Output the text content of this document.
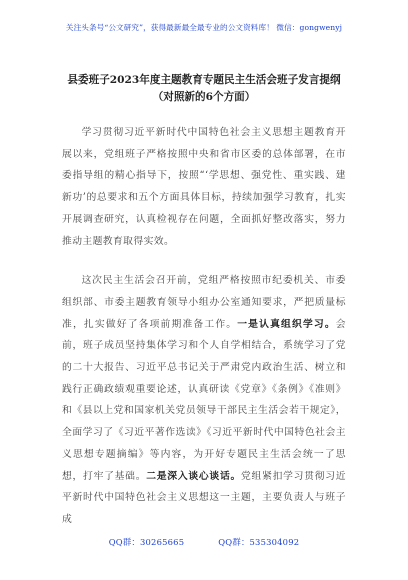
关注头条号“公文研究”，获得最新最全最专业的公文资料库！ 微信：gongwenyj
县委班子2023年度主题教育专题民主生活会班子发言提纲
（对照新的6个方面）

学习贯彻习近平新时代中国特色社会主义思想主题教育开展以来，党组班子严格按照中央和省市区委的总体部署，在市委指导组的精心指导下，按照“‘学思想、强党性、重实践、建新功’的总要求和五个方面具体目标，持续加强学习教育，扎实开展调查研究，认真检视存在问题，全面抓好整改落实，努力推动主题教育取得实效。

这次民主生活会召开前，党组严格按照市纪委机关、市委组织部、市委主题教育领导小组办公室通知要求，严把质量标准，扎实做好了各项前期准备工作。一是认真组织学习。会前，班子成员坚持集体学习和个人自学相结合，系统学习了党的二十大报告、习近平总书记关于严肃党内政治生活、树立和践行正确政绩观重要论述，认真研读《党章》《条例》《准则》和《县以上党和国家机关党员领导干部民主生活会若干规定》，全面学习了《习近平著作选读》《习近平新时代中国特色社会主义思想专题摘编》等内容，为开好专题民主生活会统一了思想，打牢了基础。二是深入谈心谈话。党组紧扣学习贯彻习近平新时代中国特色社会主义思想这一主题，主要负责人与班子成

QQ群：30265665	QQ群：535304092
